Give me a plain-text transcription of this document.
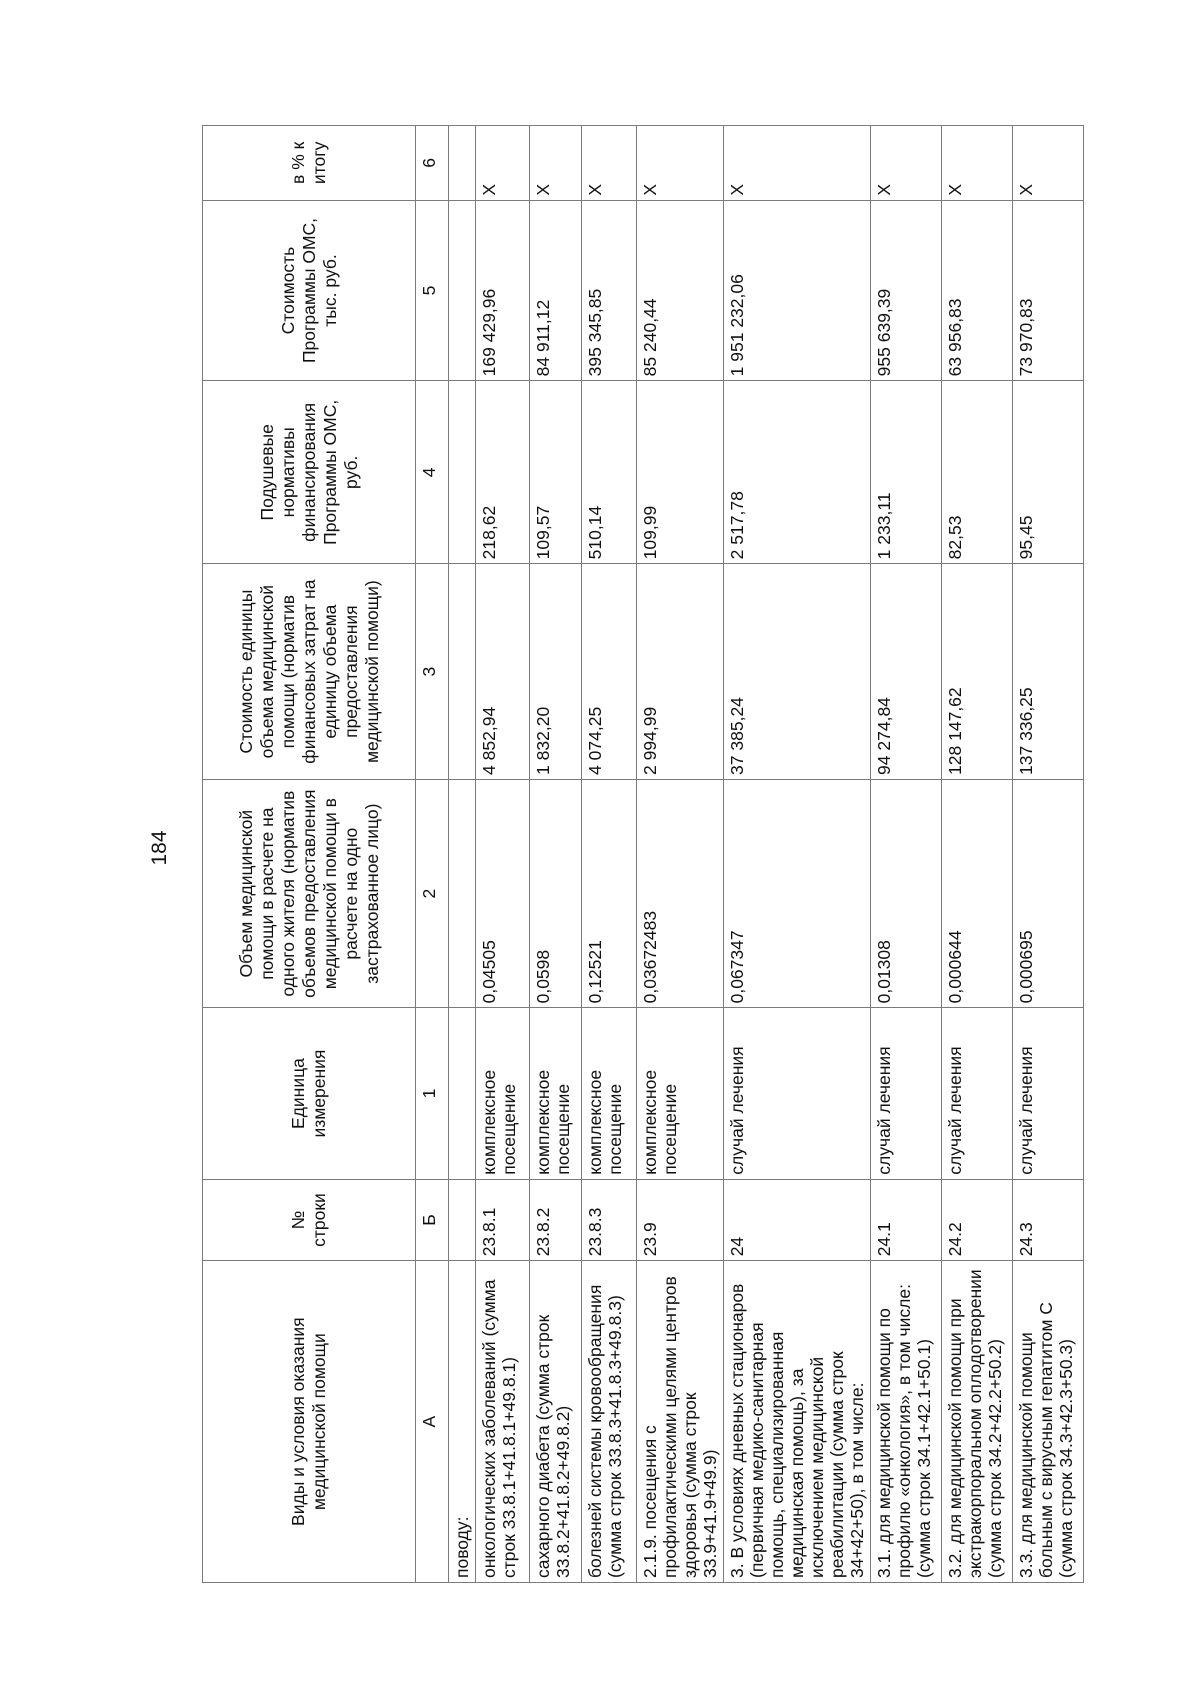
184
Виды и условия оказания медицинской помощи	№ строки	Единица измерения	Объем медицинской помощи в расчете на одного жителя (норматив объемов предоставления медицинской помощи в расчете на одно застрахованное лицо)	Стоимость единицы объема медицинской помощи (норматив финансовых затрат на единицу объема предоставления медицинской помощи)	Подушевые нормативы финансирования Программы ОМС, руб.	Стоимость Программы ОМС, тыс. руб.	в % к итогу
А	Б	1	2	3	4	5	6
поводу:							
онкологических заболеваний (сумма строк 33.8.1+41.8.1+49.8.1)	23.8.1	комплексное посещение	0,04505	4 852,94	218,62	169 429,96	Х
сахарного диабета (сумма строк 33.8.2+41.8.2+49.8.2)	23.8.2	комплексное посещение	0,0598	1 832,20	109,57	84 911,12	Х
болезней системы кровообращения (сумма строк 33.8.3+41.8.3+49.8.3)	23.8.3	комплексное посещение	0,12521	4 074,25	510,14	395 345,85	Х
2.1.9. посещения с профилактическими целями центров здоровья (сумма строк 33.9+41.9+49.9)	23.9	комплексное посещение	0,03672483	2 994,99	109,99	85 240,44	Х
3. В условиях дневных стационаров (первичная медико-санитарная помощь, специализированная медицинская помощь), за исключением медицинской реабилитации (сумма строк 34+42+50), в том числе:	24	случай лечения	0,067347	37 385,24	2 517,78	1 951 232,06	Х
3.1. для медицинской помощи по профилю «онкология», в том числе: (сумма строк 34.1+42.1+50.1)	24.1	случай лечения	0,01308	94 274,84	1 233,11	955 639,39	Х
3.2. для медицинской помощи при экстракорпоральном оплодотворении (сумма строк 34.2+42.2+50.2)	24.2	случай лечения	0,000644	128 147,62	82,53	63 956,83	Х
3.3. для медицинской помощи больным с вирусным гепатитом С (сумма строк 34.3+42.3+50.3)	24.3	случай лечения	0,000695	137 336,25	95,45	73 970,83	Х
